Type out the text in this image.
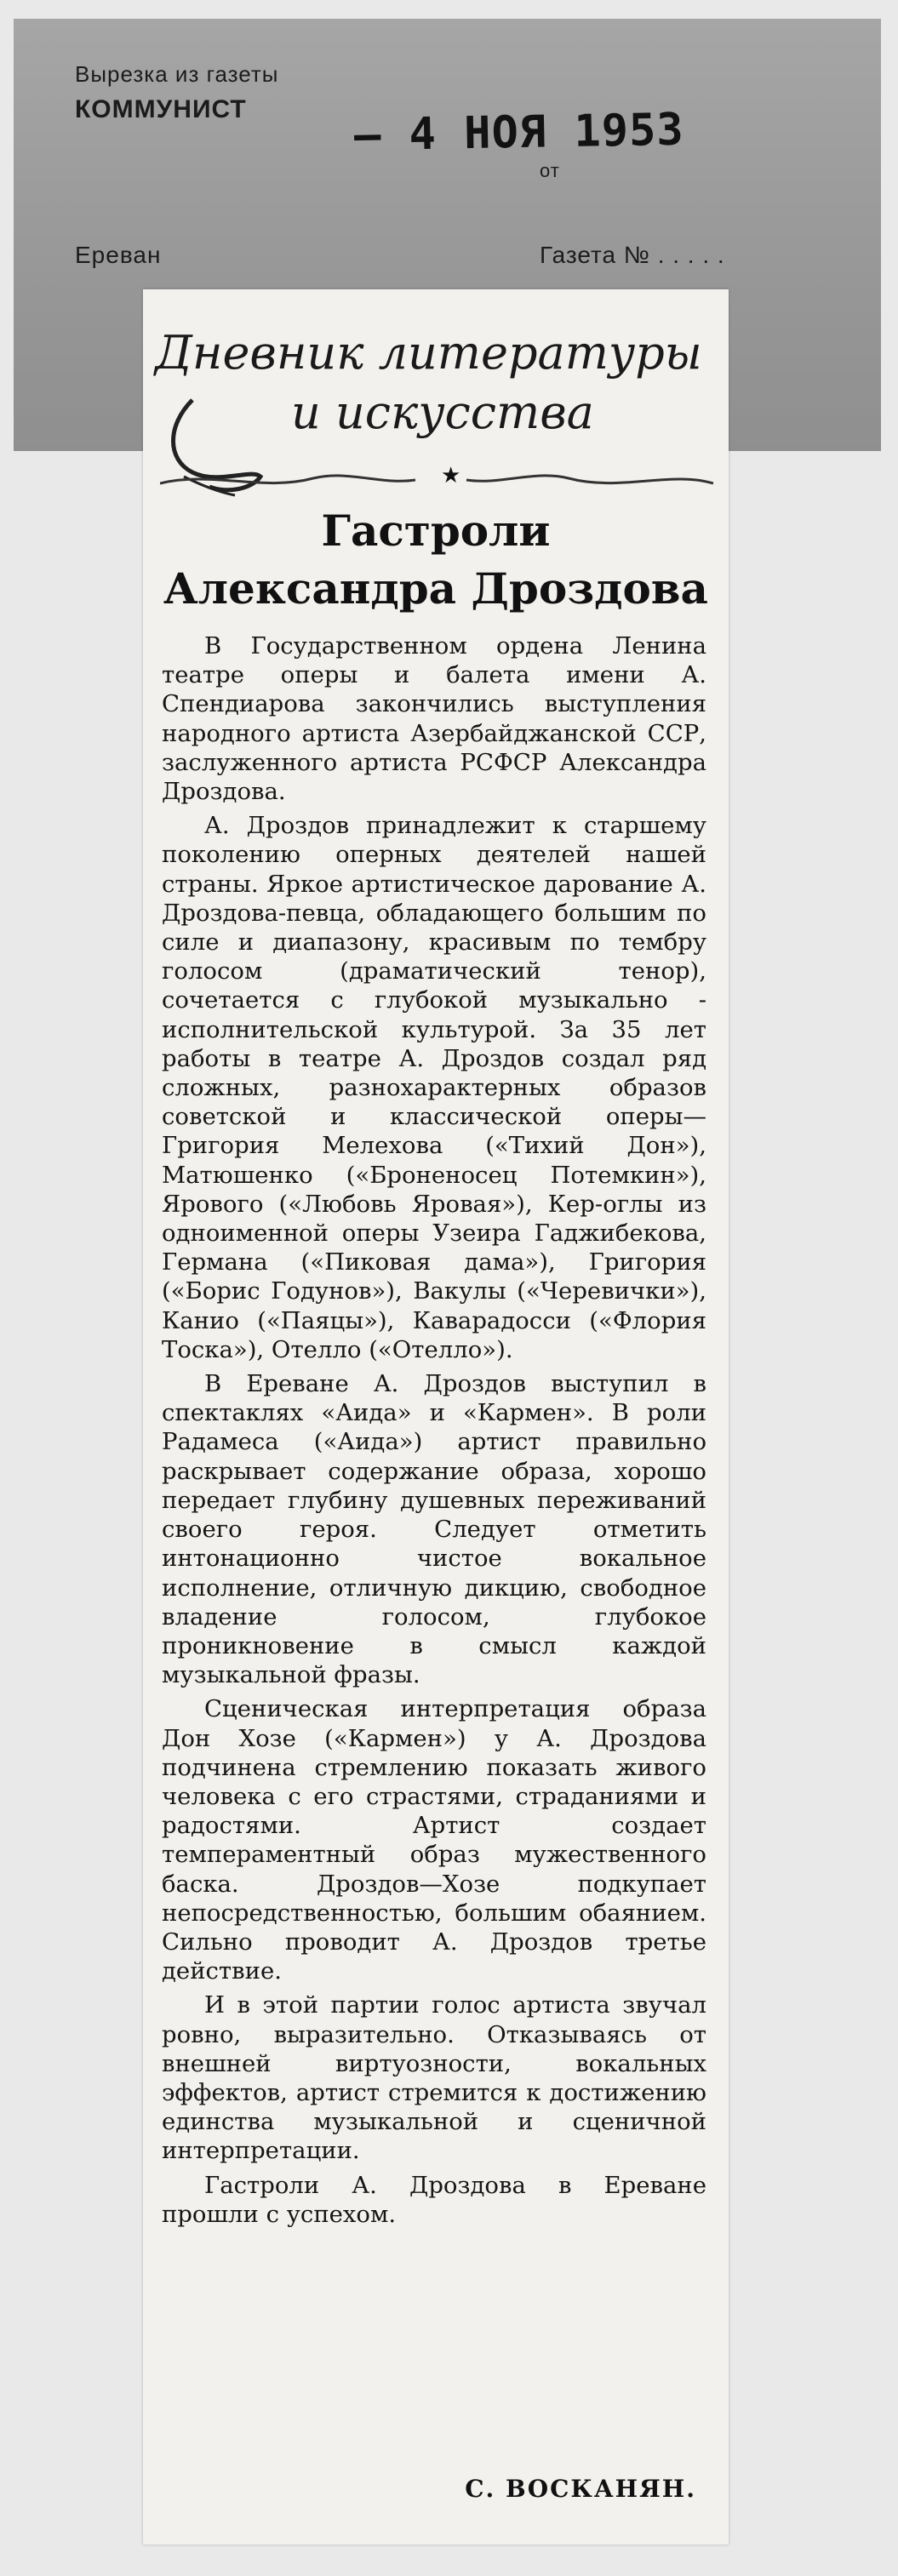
Вырезка из газеты
КОММУНИСТ – 4 НОЯ 1953
от
Ереван	Газета № . . . . .
Дневник литературы
и искусства
★
Гастроли
Александра Дроздова

В Государственном ордена Ленина театре оперы и балета имени А. Спендиарова закончились выступления народного артиста Азербайджанской ССР, заслуженного артиста РСФСР Александра Дроздова.

А. Дроздов принадлежит к старшему поколению оперных деятелей нашей страны. Яркое артистическое дарование А. Дроздова-певца, обладающего большим по силе и диапазону, красивым по тембру голосом (драматический тенор), сочетается с глубокой музыкально - исполнительской культурой. За 35 лет работы в театре А. Дроздов создал ряд сложных, разнохарактерных образов советской и классической оперы—Григория Мелехова («Тихий Дон»), Матюшенко («Броненосец Потемкин»), Ярового («Любовь Яровая»), Кер-оглы из одноименной оперы Узеира Гаджибекова, Германа («Пиковая дама»), Григория («Борис Годунов»), Вакулы («Черевички»), Канио («Паяцы»), Каварадосси («Флория Тоска»), Отелло («Отелло»).

В Ереване А. Дроздов выступил в спектаклях «Аида» и «Кармен». В роли Радамеса («Аида») артист правильно раскрывает содержание образа, хорошо передает глубину душевных переживаний своего героя. Следует отметить интонационно чистое вокальное исполнение, отличную дикцию, свободное владение голосом, глубокое проникновение в смысл каждой музыкальной фразы.

Сценическая интерпретация образа Дон Хозе («Кармен») у А. Дроздова подчинена стремлению показать живого человека с его страстями, страданиями и радостями. Артист создает темпераментный образ мужественного баска. Дроздов—Хозе подкупает непосредственностью, большим обаянием. Сильно проводит А. Дроздов третье действие.

И в этой партии голос артиста звучал ровно, выразительно. Отказываясь от внешней виртуозности, вокальных эффектов, артист стремится к достижению единства музыкальной и сценичной интерпретации.

Гастроли А. Дроздова в Ереване прошли с успехом.

С. ВОСКАНЯН.
